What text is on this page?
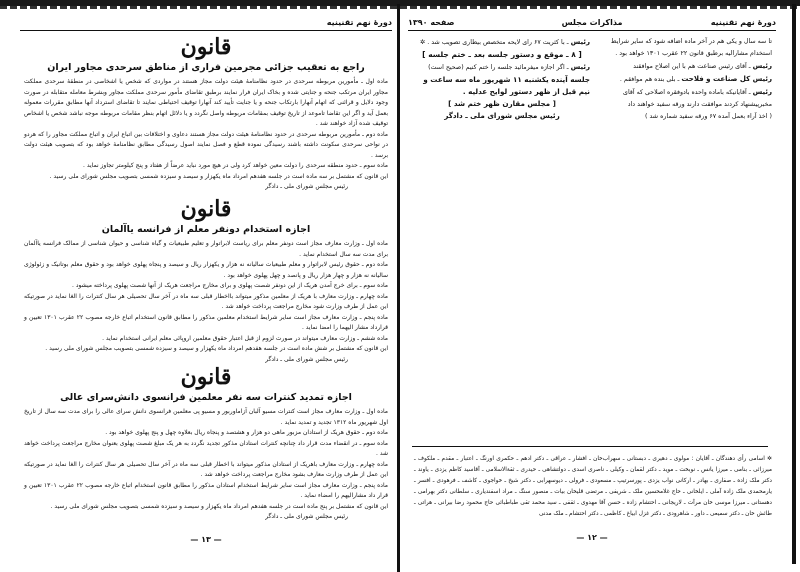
دورهٔ نهم تقنینیه
قانون
راجع به تعقیب جزائی مجرمین فراری از مناطق سرحدی مجاور ایران

ماده اول ـ مأمورین مربوطه سرحدی در حدود نظامنامهٔ هیئت دولت مجاز هستند در مواردی که شخص یا اشخاصی در منطقهٔ سرحدی مملکت مجاور ایران مرتکب جنحه و جنایتی شده و بخاک ایران فرار نمایند برطبق تقاضای مأمور سرحدی مملکت مجاور وبشرط معامله متقابله در صورت وجود دلایل و قرائنی که اتهام آنهارا بارتکاب جنحه و یا جنایت تأیید کند آنهارا توقیف احتیاطی نمایند تا تقاضای استرداد آنها مطابق مقررات معموله بعمل آید و اگر این تقاضا تاموعد از تاریخ توقیف بمقامات مربوطه واصل نگردد و یا دلائل اتهام بنظر مقامات مربوطه موجه نباشد شخص یا اشخاص توقیف شده آزاد خواهند شد .

ماده دوم ـ مأمورین مربوطه سرحدی در حدود نظامنامهٔ هیئت دولت مجاز هستند دعاوی و اختلافات بین اتباع ایران و اتباع مملکت مجاور را که هردو در نواحی سرحدی سکونت داشته باشند رسیدگی نموده قطع و فصل نمایند اصول رسیدگی مطابق نظامنامهٔ خواهد بود که بتصویب هیئت دولت برسد .

ماده سوم ـ حدود منطقه سرحدی را دولت معین خواهد کرد ولی در هیچ مورد نباید عرضاً از هفتاد و پنج کیلومتر تجاوز نماید .

این قانون که مشتمل بر سه ماده است در جلسه هفدهم امرداد ماه یکهزار و سیصد و سیزده شمسی بتصویب مجلس شورای ملی رسید .

رئیس مجلس شورای ملی ـ دادگر

قانون
اجازه استخدام دونفر معلم از فرانسه یاآلمان

ماده اول ـ وزارت معارف مجاز است دونفر معلم برای ریاست لابراتوار و تعلیم طبیعیات و گیاه شناسی و حیوان شناسی از ممالک فرانسه یاآلمان برای مدت سه سال استخدام نماید .

ماده دوم ـ حقوق رئیس لابراتوار و معلم طبیعیات سالیانه نه هزار و یکهزار ریال و سیصد و پنجاه پهلوی خواهد بود و حقوق معلم بوتانیک و زئولوژی سالیانه نه هزار و چهار هزار ریال و پانصد و چهل پهلوی خواهد بود .

ماده سوم ـ برای خرج آمدن هریک از این دونفر شصت پهلوی و برای مخارج مراجعت هریک از آنها شصت پهلوی پرداخته میشود .

ماده چهارم ـ وزارت معارف با هریک از معلمین مذکور میتواند بااخطار قبلی سه ماه در آخر سال تحصیلی هر سال کنترات را الغا نماید در صورتیکه این عمل از طرف وزارت شود مخارج مراجعت پرداخت خواهد شد .

ماده پنجم ـ وزارت معارف مجاز است سایر شرایط استخدام معلمین مذکور را مطابق قانون استخدام اتباع خارجه مصوب ۲۲ عقرب ۱۳۰۱ تعیین و قرارداد مشار الیهما را امضا نماید .

ماده ششم ـ وزارت معارف میتواند در صورت لزوم از قبل اعتبار حقوق معلمین اروپائی معلم ایرانی استخدام نماید .

این قانون که مشتمل بر شش ماده است در جلسه هفدهم امرداد ماه یکهزار و سیصد و سیزده شمسی بتصویب مجلس شورای ملی رسید .

رئیس مجلس شورای ملی ـ دادگر

قانون
اجازه تمدید کنترات سه نفر معلمین فرانسوی دانش‌سرای عالی

ماده اول ـ وزارت معارف مجاز است کنترات مسیو آلبان آزاماوربور و مسیو پی معلمین فرانسوی دانش سرای عالی را برای مدت سه سال از تاریخ اول شهریور ماه ۱۳۱۲ تجدید و تمدید نماید .

ماده دوم ـ حقوق هریک از استادان مزبور ماهی دو هزار و هشتصد و پنجاه ریال بعلاوه چهل و پنج پهلوی خواهد بود .

ماده سوم ـ در انقضاء مدت قرار داد چنانچه کنترات استادان مذکور تجدید نگردد به هر یک مبلغ شصت پهلوی بعنوان مخارج مراجعت پرداخت خواهد شد .

ماده چهارم ـ وزارت معارف باهریک از استادان مذکور میتواند با اخطار قبلی سه ماه در آخر سال تحصیلی هر سال کنترات را الغا نماید در صورتیکه این عمل از طرف وزارت معارف بشود مخارج مراجعت پرداخت خواهد شد .

ماده پنجم ـ وزارت معارف مجاز است سایر شرایط استخدام استادان مذکور را مطابق قانون استخدام اتباع خارجه مصوب ۲۲ عقرب ۱۳۰۱ تعیین و قرار داد مشارالیهم را امضاء نماید .

این قانون که مشتمل بر پنج ماده است در جلسه هفدهم امرداد ماه یکهزار و سیصد و سیزده شمسی بتصویب مجلس شورای ملی رسید .

رئیس مجلس شورای ملی ـ دادگر

— ۱۳ —
دورهٔ نهم تقنینیه
مذاکرات مجلس
صفحه ۱۳۹۰
تا سه سال و یکی هم در آخر ماده اضافه شود که سایر شرایط استخدام مشارالیه برطبق قانون ۲۲ عقرب ۱۳۰۱ خواهد بود .
رئیس ـ آقای رئیس صناعت هم با این اصلاح موافقند
رئیس کل صناعت و فلاحت ـ بلی بنده هم موافقم .
رئیس ـ آقایانیکه باماده واحده بادوفقره اصلاحی که آقای مخبرپیشنهاد کردند موافقت دارند ورقه سفید خواهند داد
( اخذ آراء بعمل آمده ۶۷ ورقه سفید شماره شد )
رئیس ـ با کثریت ۶۷ رای لایحه متخصص بیطاری تصویب شد . ✲
[ ۸ ـ موقع و دستور جلسه بعد ـ ختم جلسه ]
رئیس ـ اگر اجازه میفرمائید جلسه را ختم کنیم (صحیح است)
جلسه آینده یکشنبه ۱۱ شهریور ماه سه ساعت و نیم قبل از ظهر دستور لوایح عدلیه .
[ مجلس مقارن ظهر ختم شد ]
رئیس مجلس شورای ملی ـ دادگر
✲ اسامی رأی دهندگان ـ آقایان : مولوی ـ دهیری ـ دبستانی ـ سهراب‌خان ـ افشار ـ عراقی ـ دکتر ادهم ـ حکمری اورنگ ـ اعتبار ـ مقدم ـ ملکوف ـ میرزائی ـ بنامی ـ میرزا یانس ـ نوبخت ـ موید ـ دکتر لقمان ـ وکیلی ـ ناصری اسدی ـ دولتشاهی ـ حیدری ـ ثقةالاسلامی ـ آقاسید کاظم یزدی ـ یاوند ـ دکتر ملک زاده ـ صفاری ـ بهادر ـ ارکانی نواب یزدی ـ پورسرتیپ ـ مسعودی ـ فرولی ـ دیوسهرابی ـ دکتر شیخ ـ خواجوی ـ کاشف ـ فرهودی ـ افسر ـ یارمحمدی ملک زاده آملی ـ ایلخانی ـ حاج غلامحسین ملک ـ شریفی ـ مرتضی قلیخان بیات ـ منصور سنگ ـ مراد اسفندیاری ـ سلطانی دکتر بهرامی ـ دهستانی ـ میرزا موسی خان مرآت ـ لاریجانی ـ احتشام زاده ـ حسن آقا مهدوی ـ ثقفی ـ سید محمد تقی طباطبائی حاج محمود رضا بیرانی ـ هراتی ـ طائش خان ـ دکتر سمیعی ـ داور ـ شاهرودی ـ دکتر غزل ابیاغ ـ کاظمی ـ دکتر احتشام ـ ملک مدنی
— ۱۲ —
